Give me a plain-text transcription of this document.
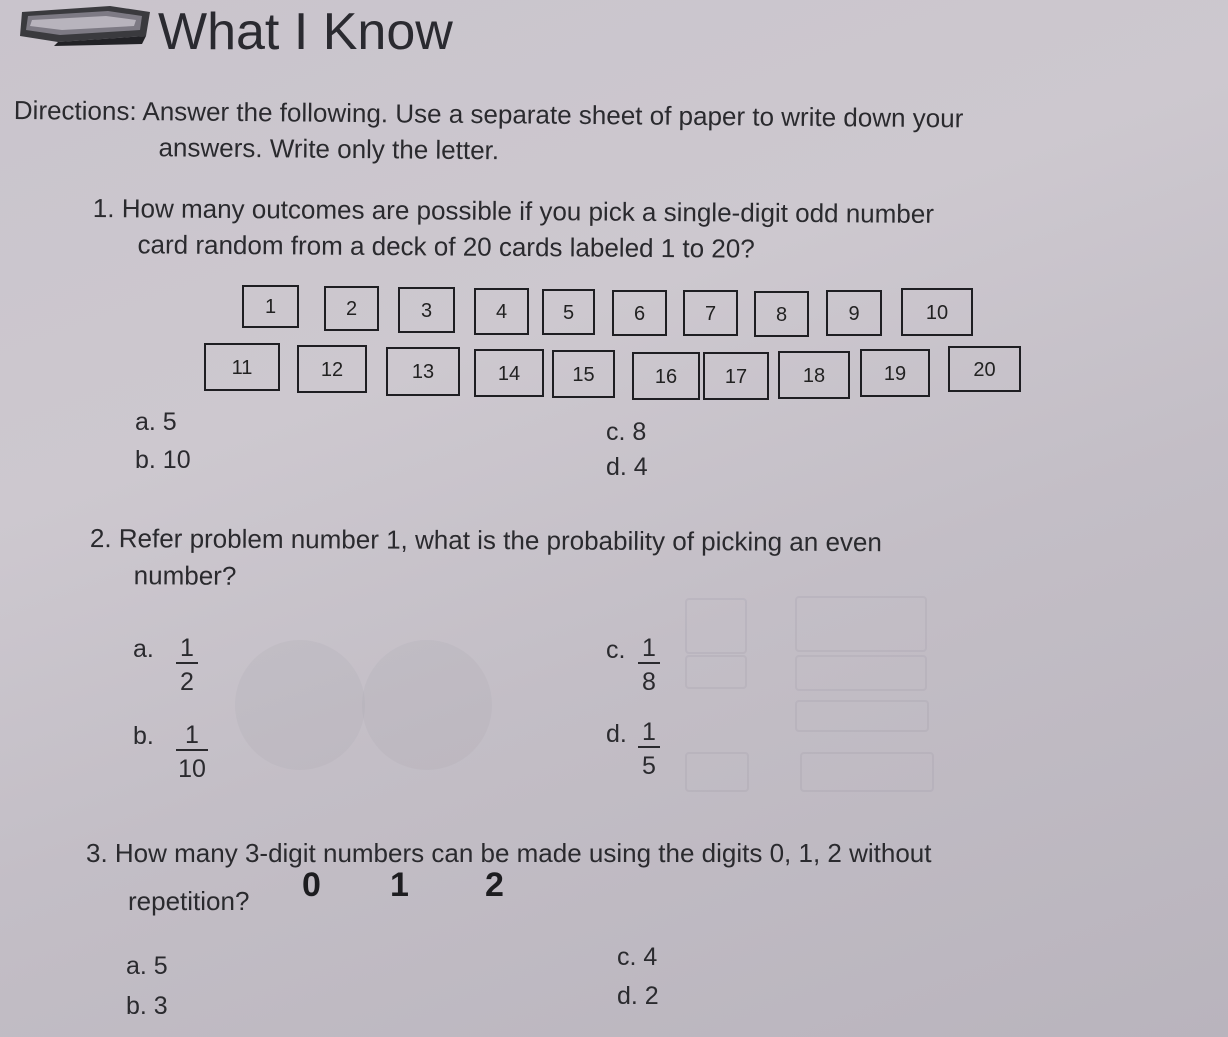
What I Know
Directions: Answer the following. Use a separate sheet of paper to write down your
answers. Write only the letter.
1. How many outcomes are possible if you pick a single-digit odd number
card random from a deck of 20 cards labeled 1 to 20?
1	2	3	4	5	6	7	8	9	10
11	12	13	14	15	16	17	18	19	20
a. 5
b. 10
c. 8
d. 4
2. Refer problem number 1, what is the probability of picking an even
number?
a. $\frac{1}{2}$
b. $\frac{1}{10}$
c. $\frac{1}{8}$
d. $\frac{1}{5}$
3. How many 3-digit numbers can be made using the digits 0, 1, 2 without
repetition? 0 1 2
a. 5
b. 3
c. 4
d. 2
